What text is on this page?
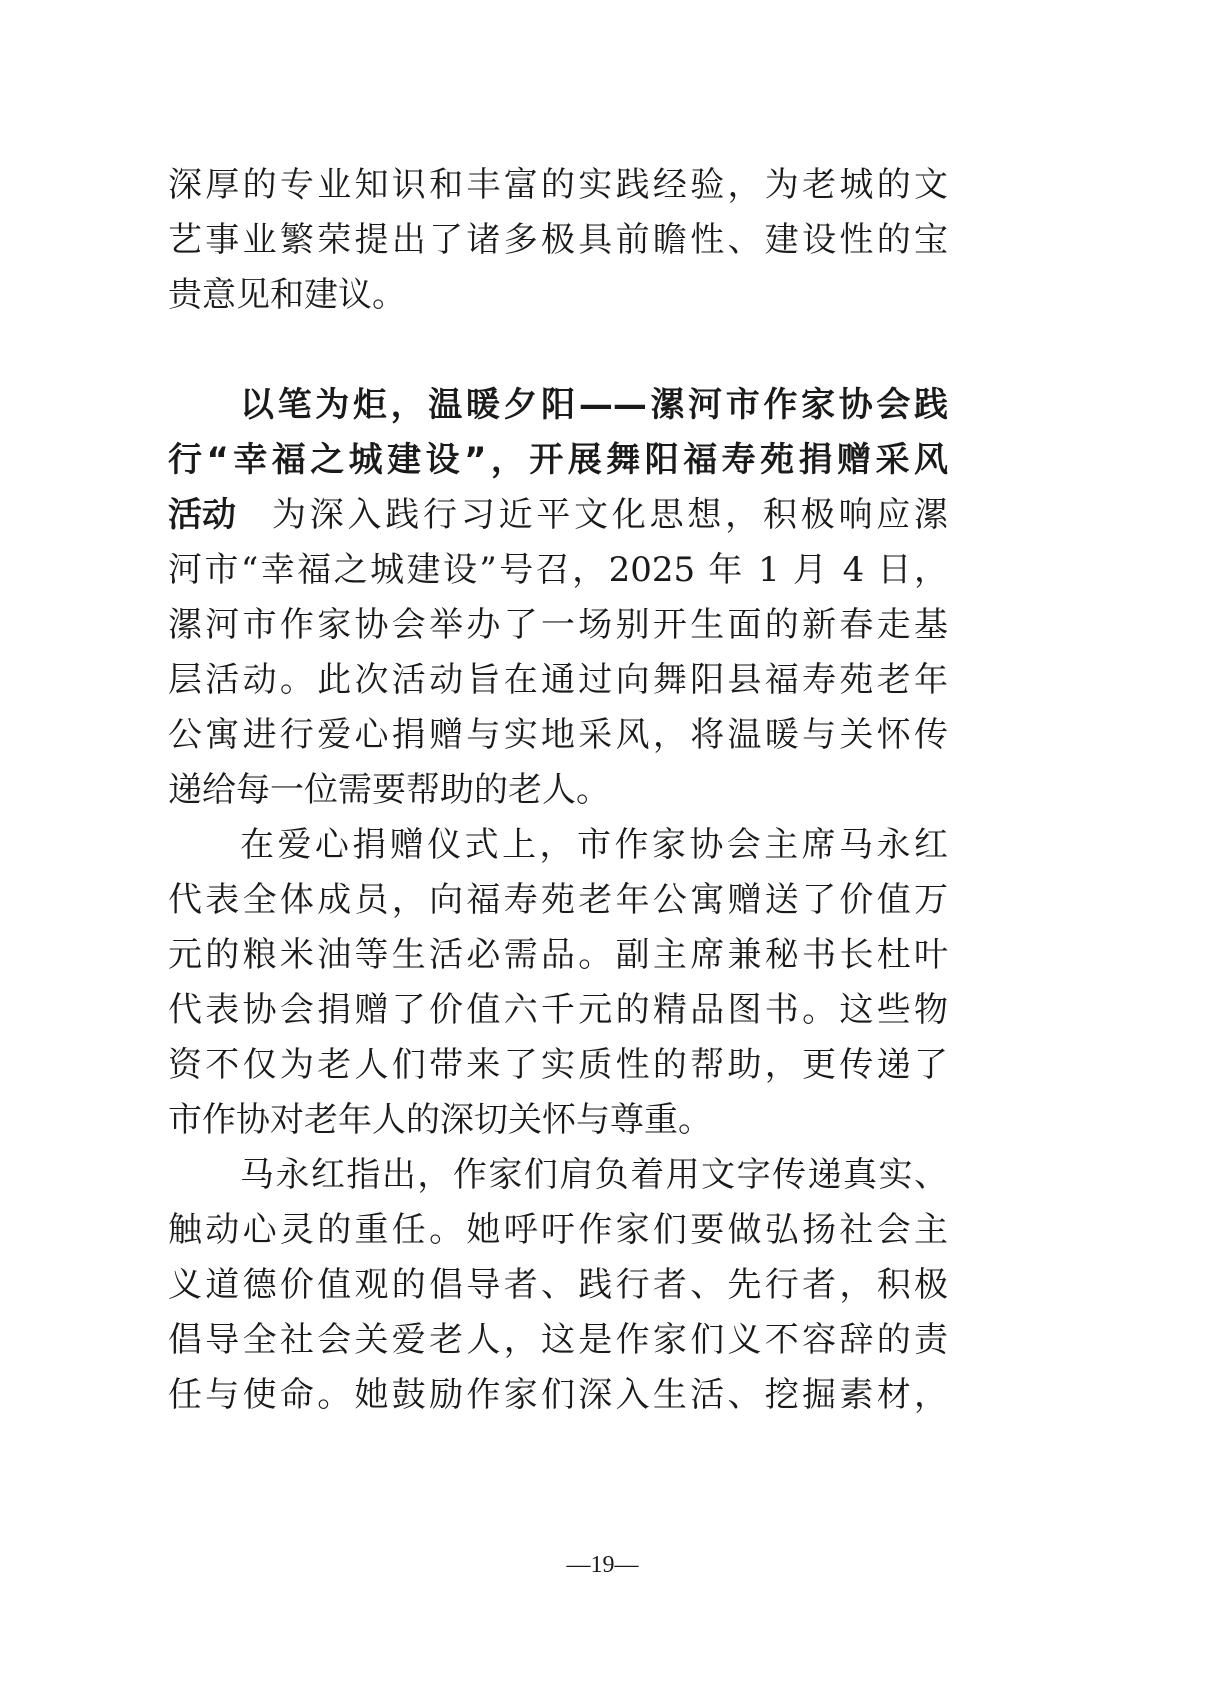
深厚的专业知识和丰富的实践经验，为老城的文
艺事业繁荣提出了诸多极具前瞻性、建设性的宝
贵意见和建议。
以笔为炬，温暖夕阳——漯河市作家协会践
行“幸福之城建设”，开展舞阳福寿苑捐赠采风
活动 为深入践行习近平文化思想，积极响应漯
河市“幸福之城建设”号召，2025 年 1 月 4 日，
漯河市作家协会举办了一场别开生面的新春走基
层活动。此次活动旨在通过向舞阳县福寿苑老年
公寓进行爱心捐赠与实地采风，将温暖与关怀传
递给每一位需要帮助的老人。
在爱心捐赠仪式上，市作家协会主席马永红
代表全体成员，向福寿苑老年公寓赠送了价值万
元的粮米油等生活必需品。副主席兼秘书长杜叶
代表协会捐赠了价值六千元的精品图书。这些物
资不仅为老人们带来了实质性的帮助，更传递了
市作协对老年人的深切关怀与尊重。
马永红指出，作家们肩负着用文字传递真实、
触动心灵的重任。她呼吁作家们要做弘扬社会主
义道德价值观的倡导者、践行者、先行者，积极
倡导全社会关爱老人，这是作家们义不容辞的责
任与使命。她鼓励作家们深入生活、挖掘素材，
—19—
